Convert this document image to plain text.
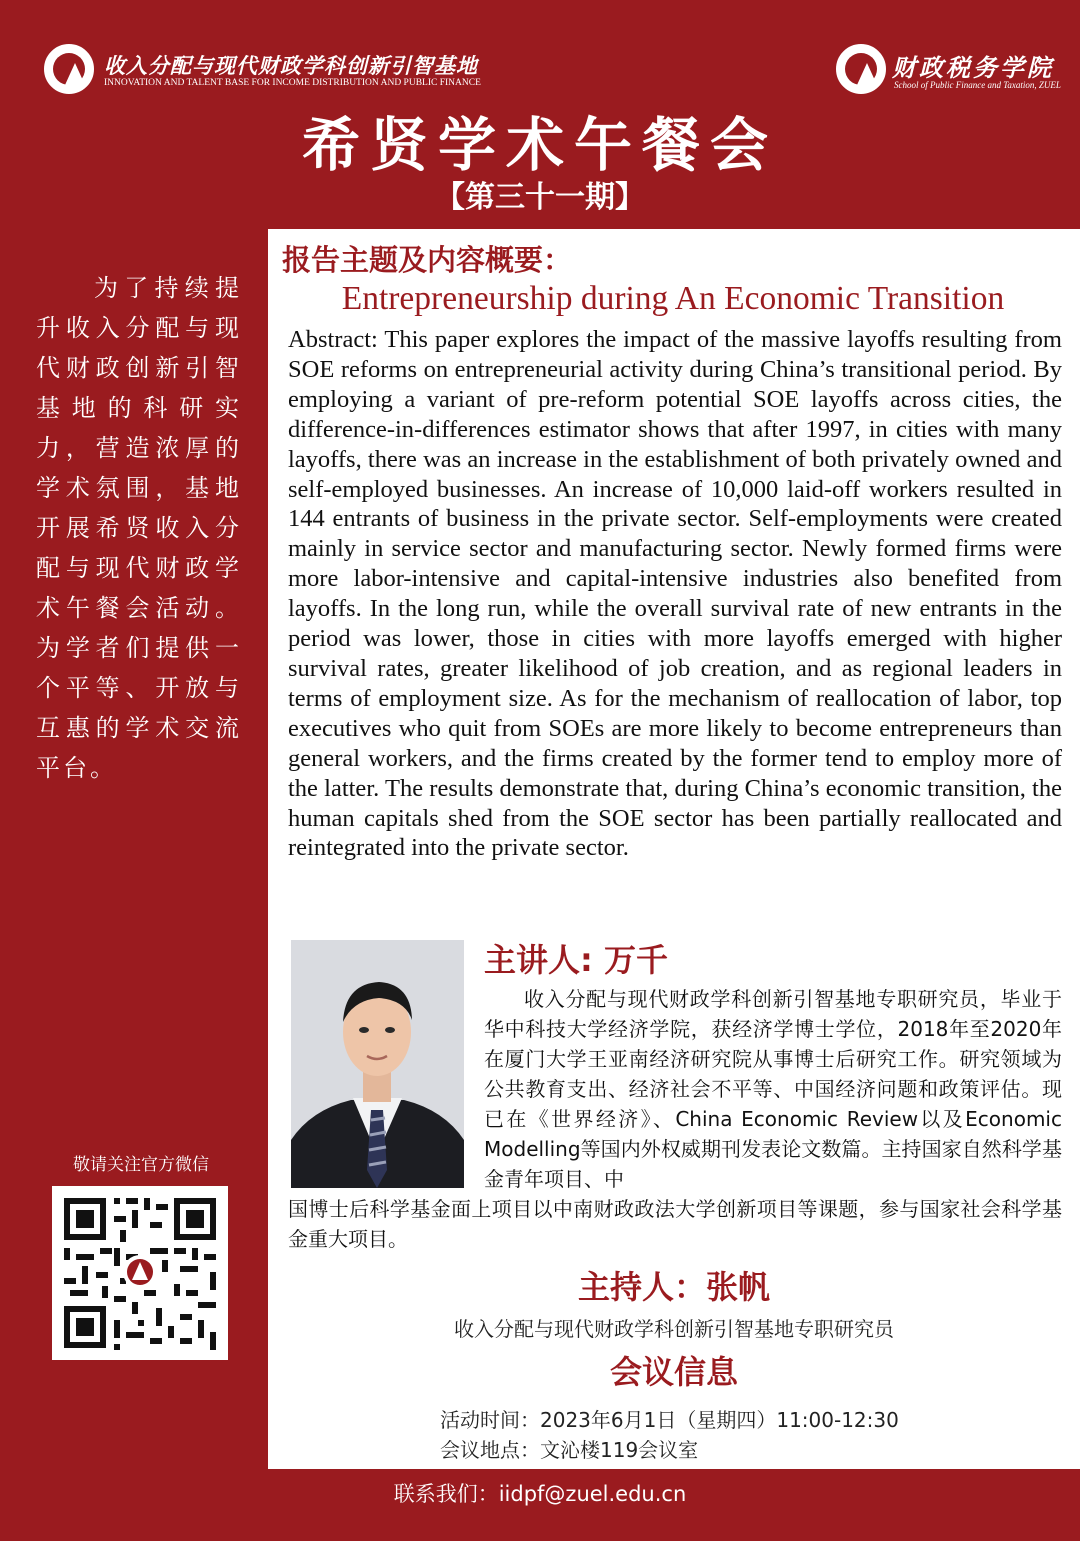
收入分配与现代财政学科创新引智基地
INNOVATION AND TALENT BASE FOR INCOME DISTRIBUTION AND PUBLIC FINANCE
财政税务学院
School of Public Finance and Taxation, ZUEL
希贤学术午餐会
【第三十一期】
为了持续提升收入分配与现代财政创新引智基地的科研实力，营造浓厚的学术氛围，基地开展希贤收入分配与现代财政学术午餐会活动。为学者们提供一个平等、开放与互惠的学术交流平台。
敬请关注官方微信
报告主题及内容概要：
Entrepreneurship during An Economic Transition
Abstract: This paper explores the impact of the massive layoffs resulting from SOE reforms on entrepreneurial activity during China’s transitional period. By employing a variant of pre-reform potential SOE layoffs across cities, the difference-in-differences estimator shows that after 1997, in cities with many layoffs, there was an increase in the establishment of both privately owned and self-employed businesses. An increase of 10,000 laid-off workers resulted in 144 entrants of business in the private sector. Self-employments were created mainly in service sector and manufacturing sector. Newly formed firms were more labor-intensive and capital-intensive industries also benefited from layoffs. In the long run, while the overall survival rate of new entrants in the period was lower, those in cities with more layoffs emerged with higher survival rates, greater likelihood of job creation, and as regional leaders in terms of employment size. As for the mechanism of reallocation of labor, top executives who quit from SOEs are more likely to become entrepreneurs than general workers, and the firms created by the former tend to employ more of the latter. The results demonstrate that, during China’s economic transition, the human capitals shed from the SOE sector has been partially reallocated and reintegrated into the private sector.
主讲人: 万千
收入分配与现代财政学科创新引智基地专职研究员，毕业于华中科技大学经济学院，获经济学博士学位，2018年至2020年在厦门大学王亚南经济研究院从事博士后研究工作。研究领域为公共教育支出、经济社会不平等、中国经济问题和政策评估。现已在《世界经济》、China Economic Review以及Economic Modelling等国内外权威期刊发表论文数篇。主持国家自然科学基金青年项目、中
国博士后科学基金面上项目以中南财政政法大学创新项目等课题，参与国家社会科学基金重大项目。
主持人：张帆
收入分配与现代财政学科创新引智基地专职研究员
会议信息
活动时间：2023年6月1日（星期四）11:00-12:30
会议地点：文沁楼119会议室
联系我们：iidpf@zuel.edu.cn
